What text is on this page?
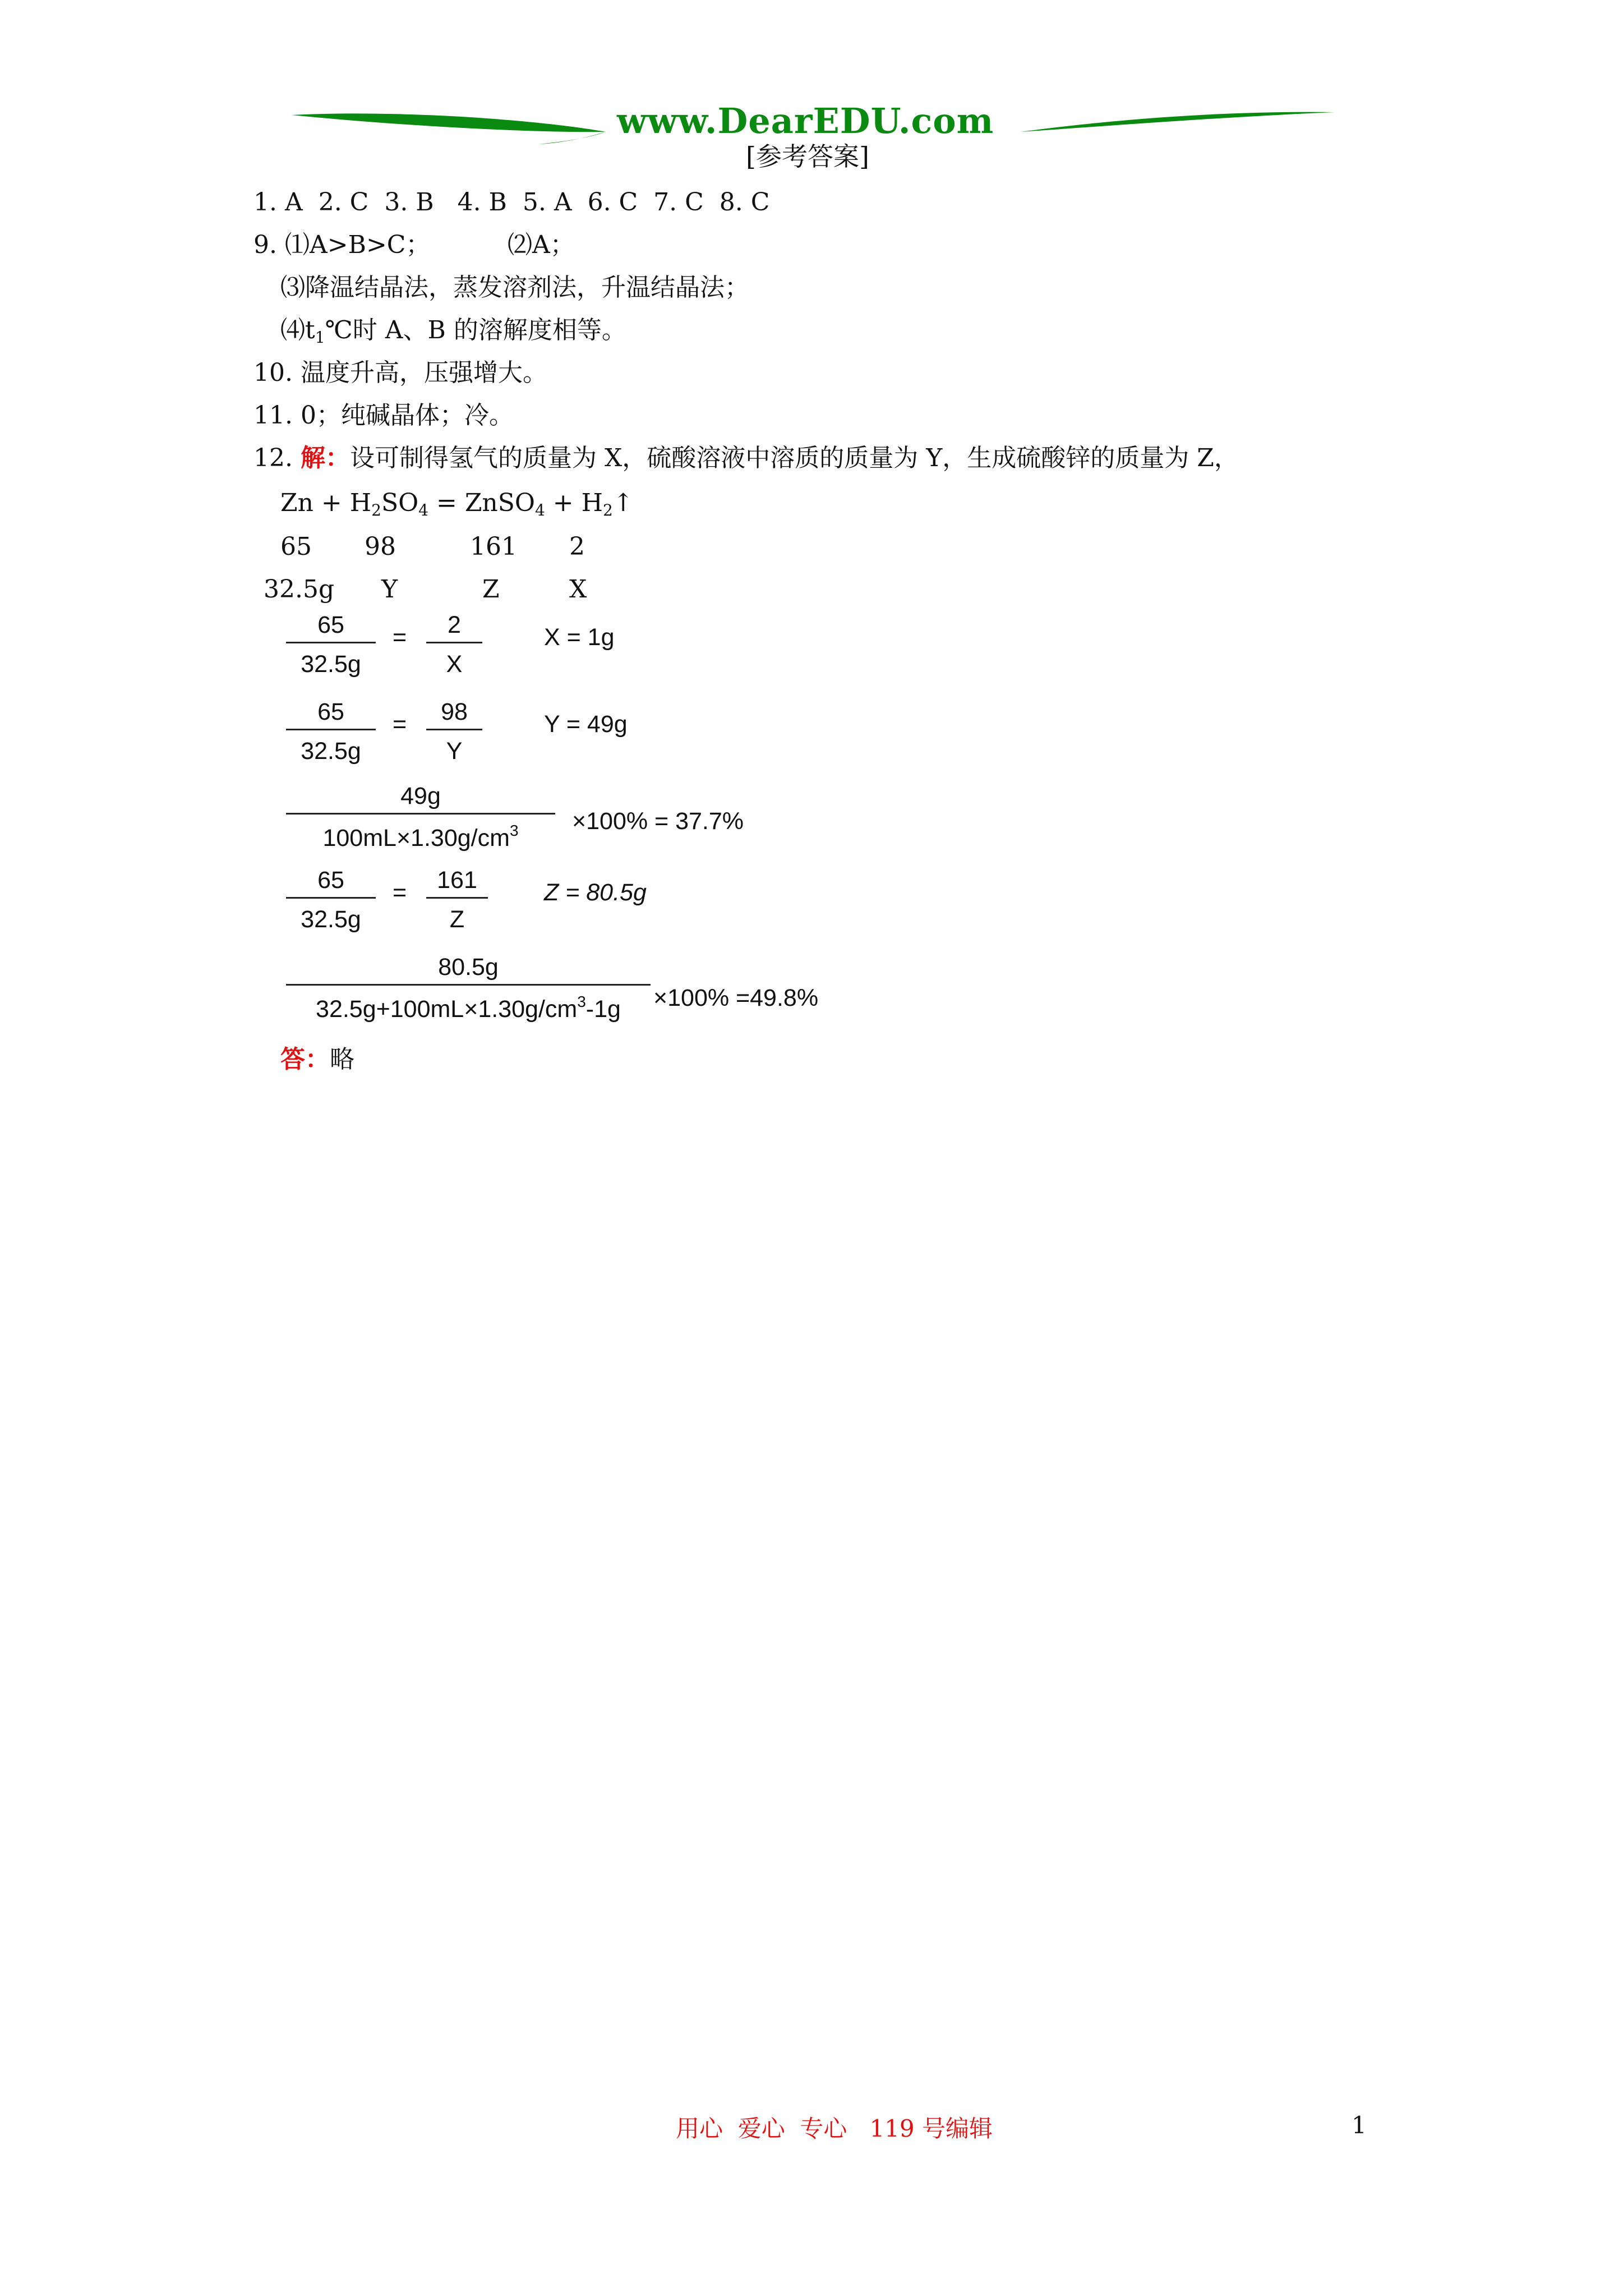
www.DearEDU.com
[参考答案]
1. A  2. C  3. B   4. B  5. A  6. C  7. C  8. C
9. ⑴A>B>C；	⑵A；
⑶降温结晶法，蒸发溶剂法，升温结晶法；
$⑷t_1℃$时 A、B 的溶解度相等。
10. 温度升高，压强增大。
11. 0；纯碱晶体；冷。
12. 解：设可制得氢气的质量为 X，硫酸溶液中溶质的质量为 Y，生成硫酸锌的质量为 Z，
$Zn + H_2SO_4$ = ZnSO$_4$ + $H_2↑$
65 98	161 2
32.5g Y	Z	X
65
32.5g
=	2
X
X = 1g
65
32.5g
=	98
Y
Y = 49g
49g
$100mL\times 1.30g/cm^3$	×100% = 37.7%
65
32.5g
=	161
Z
Z = 80.5g
80.5g
$32.5g+100mL\times 1.30g/cm^3-1g$	×100% =49.8%
答：略
用心  爱心  专心   119 号编辑	1
